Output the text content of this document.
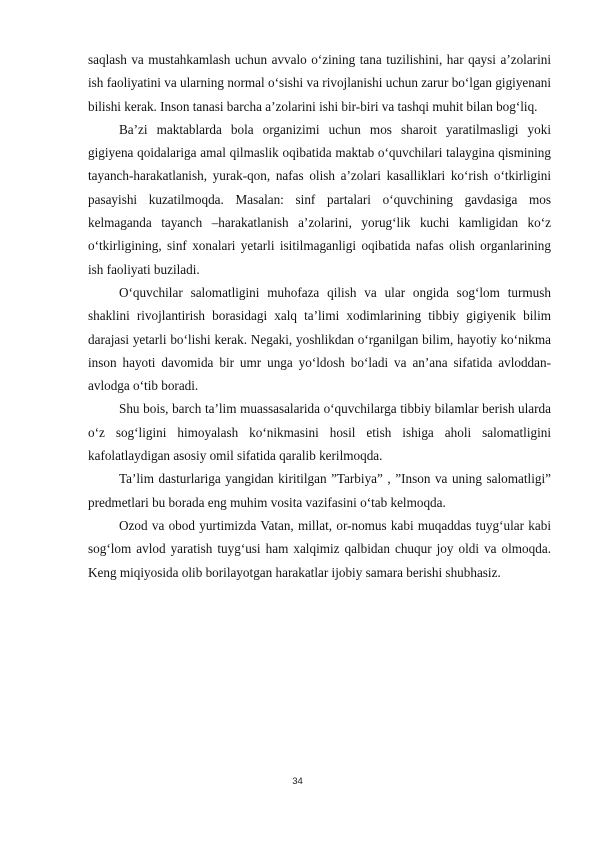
saqlash va mustahkamlash uchun avvalo o‘zining tana tuzilishini, har qaysi a’zolarini ish faoliyatini va ularning normal o‘sishi va rivojlanishi uchun zarur bo‘lgan gigiyenani bilishi kerak. Inson tanasi barcha a’zolarini ishi bir-biri va tashqi muhit bilan bog‘liq.

Ba’zi maktablarda bola organizimi uchun mos sharoit yaratilmasligi yoki gigiyena qoidalariga amal qilmaslik oqibatida maktab o‘quvchilari talaygina qismining tayanch-harakatlanish, yurak-qon, nafas olish a’zolari kasalliklari ko‘rish o‘tkirligini pasayishi kuzatilmoqda. Masalan: sinf partalari o‘quvchining gavdasiga mos kelmaganda tayanch –harakatlanish a’zolarini, yorug‘lik kuchi kamligidan ko‘z o‘tkirligining, sinf xonalari yetarli isitilmaganligi oqibatida nafas olish organlarining ish faoliyati buziladi.

O‘quvchilar salomatligini muhofaza qilish va ular ongida sog‘lom turmush shaklini rivojlantirish borasidagi xalq ta’limi xodimlarining tibbiy gigiyenik bilim darajasi yetarli bo‘lishi kerak. Negaki, yoshlikdan o‘rganilgan bilim, hayotiy ko‘nikma inson hayoti davomida bir umr unga yo‘ldosh bo‘ladi va an’ana sifatida avloddan- avlodga o‘tib boradi.

Shu bois, barch ta’lim muassasalarida o‘quvchilarga tibbiy bilamlar berish ularda o‘z sog‘ligini himoyalash ko‘nikmasini hosil etish ishiga aholi salomatligini kafolatlaydigan asosiy omil sifatida qaralib kerilmoqda.

Ta’lim dasturlariga yangidan kiritilgan ”Tarbiya” , ”Inson va uning salomatligi” predmetlari bu borada eng muhim vosita vazifasini o‘tab kelmoqda.

Ozod va obod yurtimizda Vatan, millat, or-nomus kabi muqaddas tuyg‘ular kabi sog‘lom avlod yaratish tuyg‘usi ham xalqimiz qalbidan chuqur joy oldi va olmoqda. Keng miqiyosida olib borilayotgan harakatlar ijobiy samara berishi shubhasiz.

34
